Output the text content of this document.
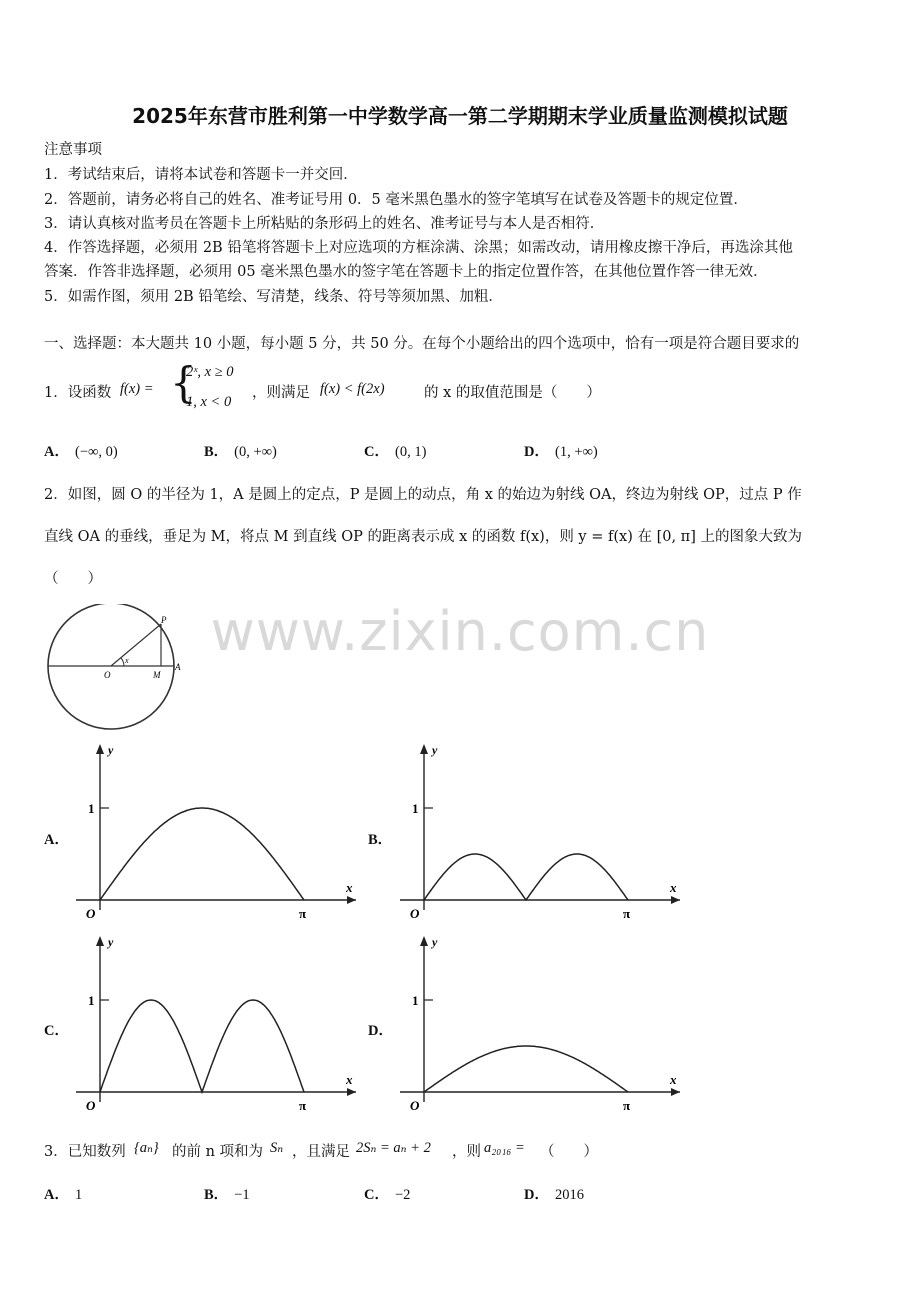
www.zixin.com.cn
2025年东营市胜利第一中学数学高一第二学期期末学业质量监测模拟试题
注意事项
1．考试结束后，请将本试卷和答题卡一并交回．
2．答题前，请务必将自己的姓名、准考证号用 0．5 毫米黑色墨水的签字笔填写在试卷及答题卡的规定位置．
3．请认真核对监考员在答题卡上所粘贴的条形码上的姓名、准考证号与本人是否相符．
4．作答选择题，必须用 2B 铅笔将答题卡上对应选项的方框涂满、涂黑；如需改动，请用橡皮擦干净后，再选涂其他
答案．作答非选择题，必须用 05 毫米黑色墨水的签字笔在答题卡上的指定位置作答，在其他位置作答一律无效．
5．如需作图，须用 2B 铅笔绘、写清楚，线条、符号等须加黑、加粗．
一、选择题：本大题共 10 小题，每小题 5 分，共 50 分。在每个小题给出的四个选项中，恰有一项是符合题目要求的
1．设函数 f(x) = {
2ˣ, x ≥ 0
1, x < 0
，则满足 f(x) < f(2x)	的 x 的取值范围是（　　）
A． (−∞, 0)	B． (0, +∞)	C． (0, 1)	D． (1, +∞)
2．如图，圆 O 的半径为 1，A 是圆上的定点，P 是圆上的动点，角 x 的始边为射线 OA，终边为射线 OP，过点 P 作
直线 OA 的垂线，垂足为 M，将点 M 到直线 OP 的距离表示成 x 的函数 f(x)，则 y = f(x) 在 [0, π] 上的图象大致为
（　　）
O	M
A
P
x
A．	B．
C．	D．
1
y
x
O	π
1
y
x
O	π
1
y
x
O	π
1
y
x
O	π
3．已知数列 {aₙ} 的前 n 项和为 Sₙ ，且满足 2Sₙ = aₙ + 2 ，则 a₂₀₁₆ = （　　）
A． 1	B． −1	C． −2	D． 2016
